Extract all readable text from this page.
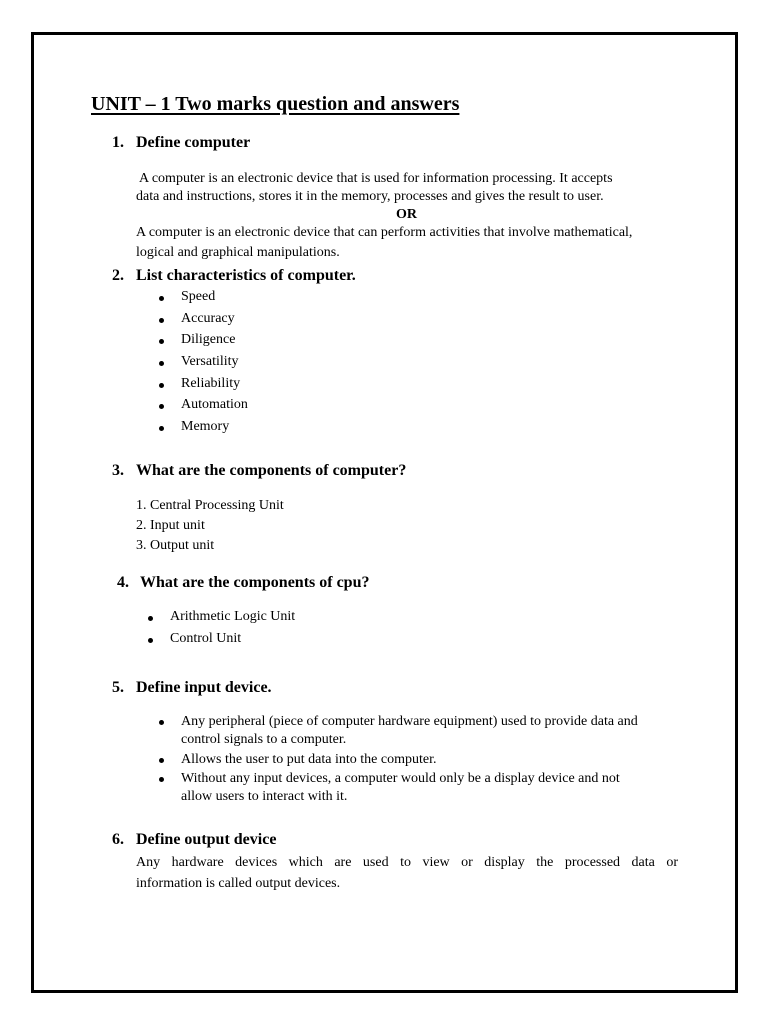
UNIT – 1 Two marks question and answers
1. Define computer
A computer is an electronic device that is used for information processing. It accepts
data and instructions, stores it in the memory, processes and gives the result to user.
OR
A computer is an electronic device that can perform activities that involve mathematical,
logical and graphical manipulations.
2. List characteristics of computer.
Speed
Accuracy
Diligence
Versatility
Reliability
Automation
Memory
3. What are the components of computer?
1. Central Processing Unit
2. Input unit
3. Output unit
4. What are the components of cpu?
Arithmetic Logic Unit
Control Unit
5. Define input device.
Any peripheral (piece of computer hardware equipment) used to provide data and
control signals to a computer.
Allows the user to put data into the computer.
Without any input devices, a computer would only be a display device and not
allow users to interact with it.
6. Define output device
Any hardware devices which are used to view or display the processed data or
information is called output devices.
